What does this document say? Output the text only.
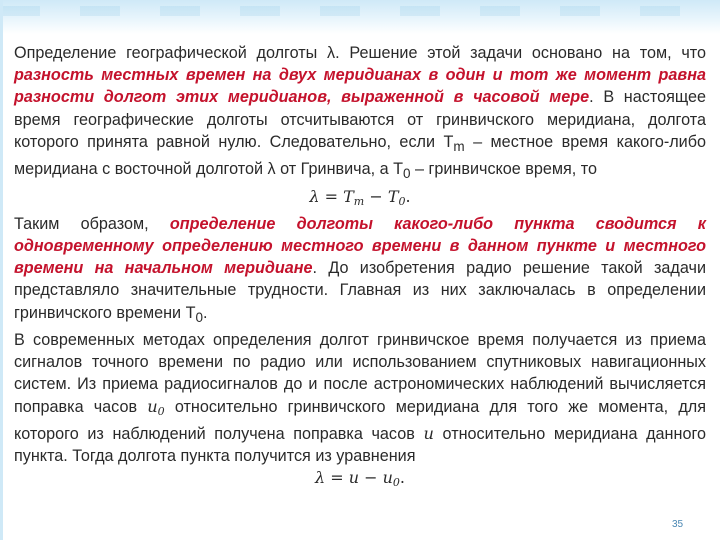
Определение географической долготы λ. Решение этой задачи основано на том, что разность местных времен на двух меридианах в один и тот же момент равна разности долгот этих меридианов, выраженной в часовой мере. В настоящее время географические долготы отсчитываются от гринвичского меридиана, долгота которого принята равной нулю. Следовательно, если $T_m$ – местное время какого-либо меридиана с восточной долготой λ от Гринвича, а $T_0$ – гринвичское время, то

$\lambda = T_m - T_0$.

Таким образом, определение долготы какого-либо пункта сводится к одновременному определению местного времени в данном пункте и местного времени на начальном меридиане. До изобретения радио решение такой задачи представляло значительные трудности. Главная из них заключалась в определении гринвичского времени $T_0$.

В современных методах определения долгот гринвичское время получается из приема сигналов точного времени по радио или использованием спутниковых навигационных систем. Из приема радиосигналов до и после астрономических наблюдений вычисляется поправка часов $u_0$ относительно гринвичского меридиана для того же момента, для которого из наблюдений получена поправка часов u относительно меридиана данного пункта. Тогда долгота пункта получится из уравнения

$\lambda = u - u_0$.
35
